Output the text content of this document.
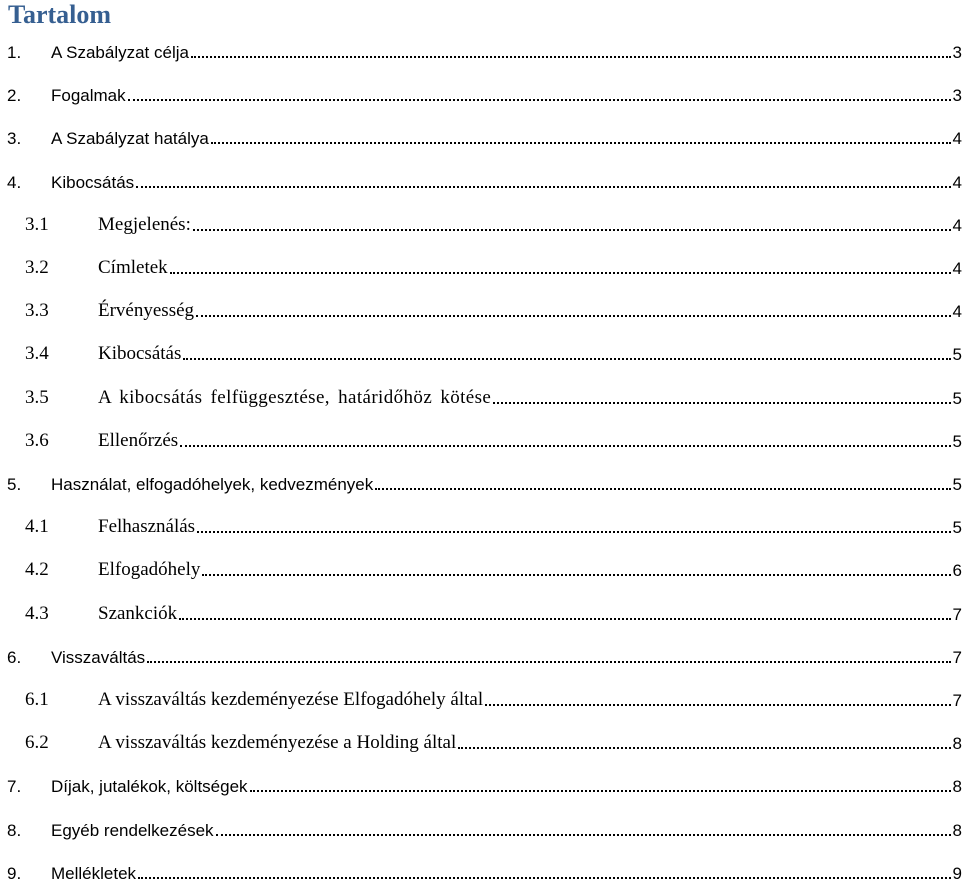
Tartalom
1.	A Szabályzat célja	3
2.	Fogalmak	3
3.	A Szabályzat hatálya	4
4.	Kibocsátás	4
3.1	Megjelenés:	4
3.2	Címletek	4
3.3	Érvényesség	4
3.4	Kibocsátás	5
3.5	A kibocsátás felfüggesztése, határidőhöz kötése	5
3.6	Ellenőrzés	5
5.	Használat, elfogadóhelyek, kedvezmények	5
4.1	Felhasználás	5
4.2	Elfogadóhely	6
4.3	Szankciók	7
6.	Visszaváltás	7
6.1	A visszaváltás kezdeményezése Elfogadóhely által	7
6.2	A visszaváltás kezdeményezése a Holding által	8
7.	Díjak, jutalékok, költségek	8
8.	Egyéb rendelkezések	8
9.	Mellékletek	9
